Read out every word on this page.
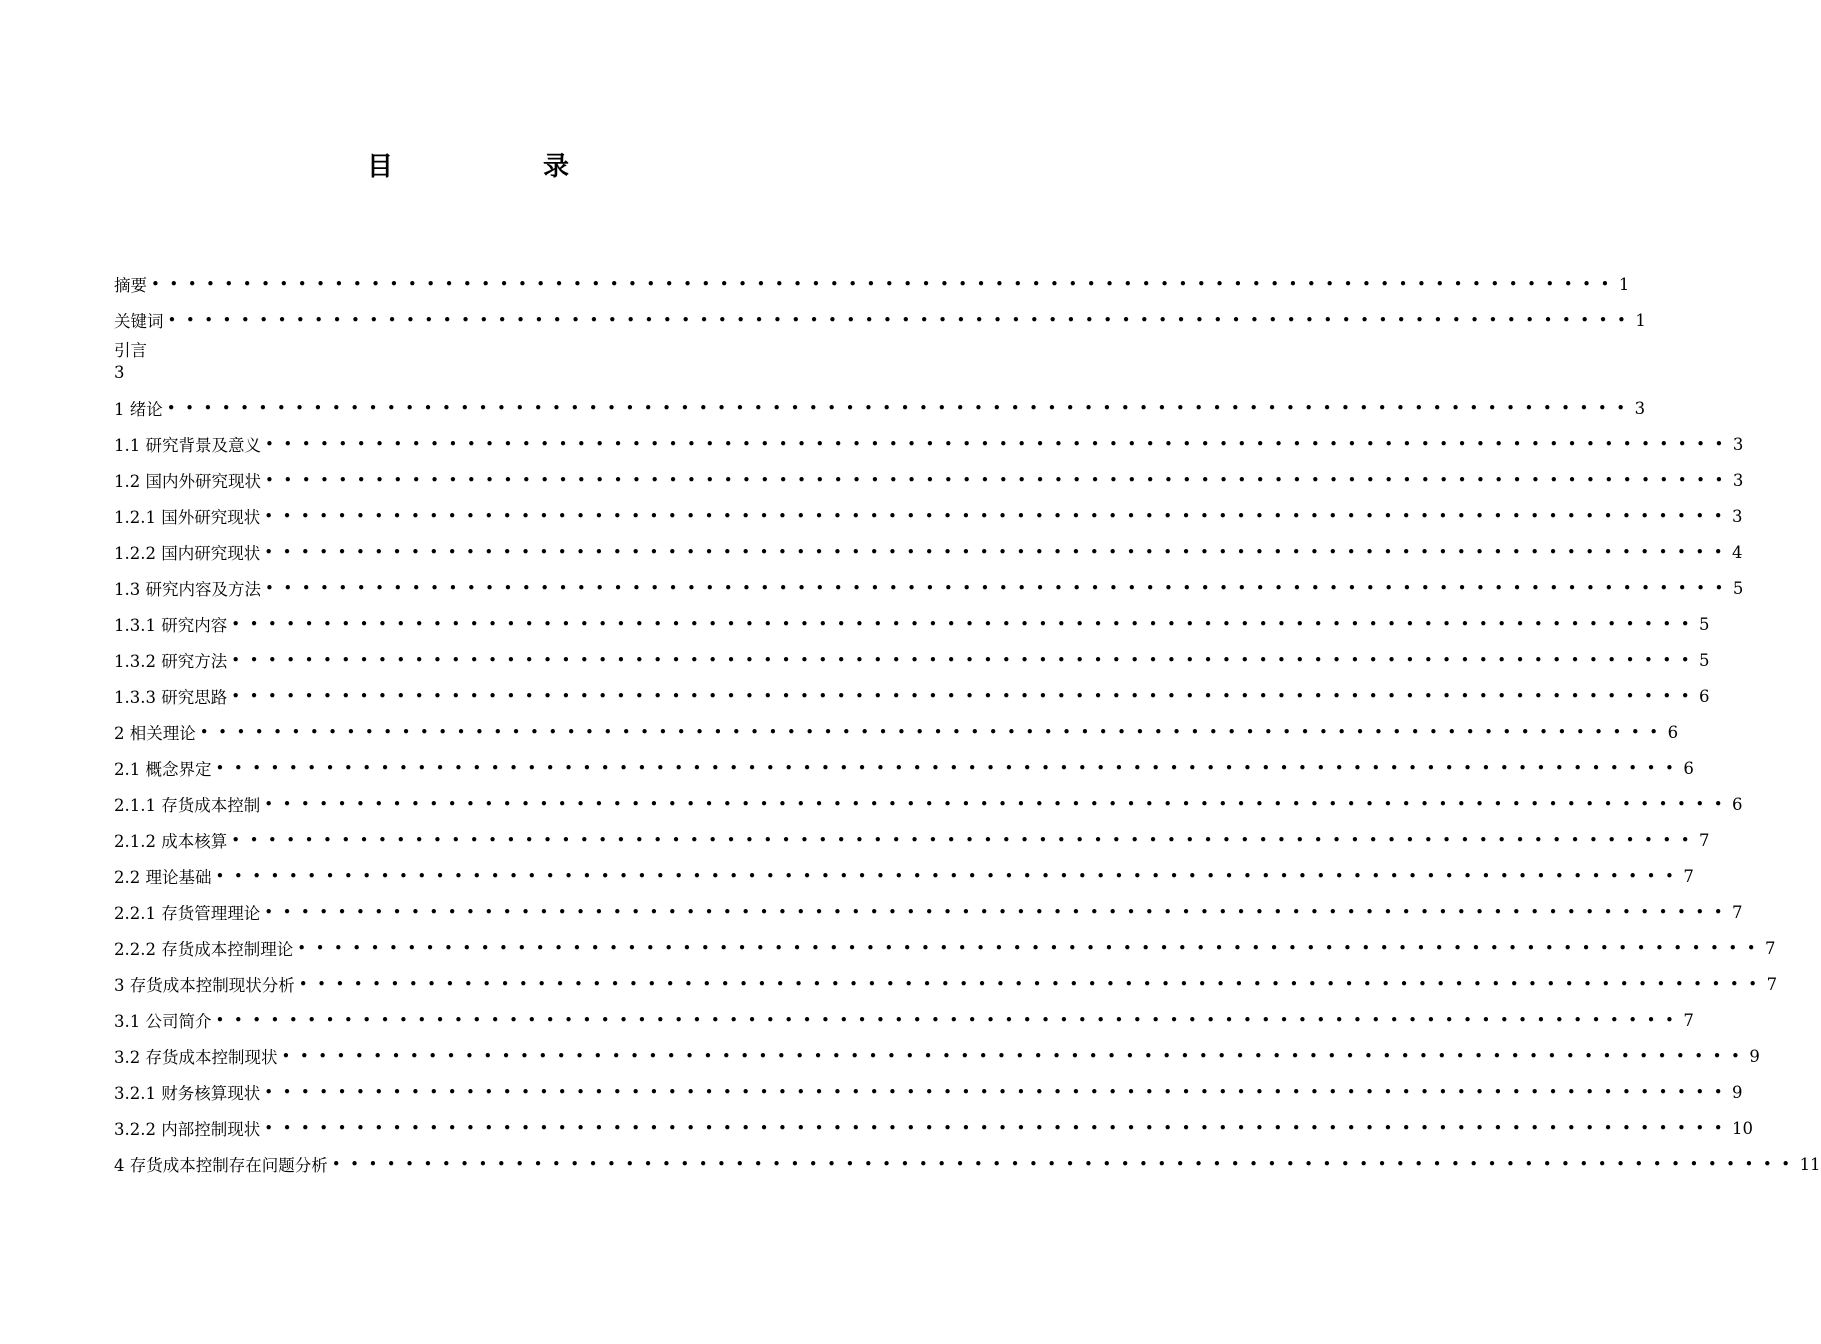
目　录
摘要 •••••••••••••••••••••••••••••••••••••••••••••••••••••••••••••••••••••••••••••••• 1
关键词 •••••••••••••••••••••••••••••••••••••••••••••••••••••••••••••••••••••••••••••••• 1
引言
3
1 绪论 •••••••••••••••••••••••••••••••••••••••••••••••••••••••••••••••••••••••••••••••• 3
1.1 研究背景及意义 •••••••••••••••••••••••••••••••••••••••••••••••••••••••••••••••••••••••••••••••• 3
1.2 国内外研究现状 •••••••••••••••••••••••••••••••••••••••••••••••••••••••••••••••••••••••••••••••• 3
1.2.1 国外研究现状 •••••••••••••••••••••••••••••••••••••••••••••••••••••••••••••••••••••••••••••••• 3
1.2.2 国内研究现状 •••••••••••••••••••••••••••••••••••••••••••••••••••••••••••••••••••••••••••••••• 4
1.3 研究内容及方法 •••••••••••••••••••••••••••••••••••••••••••••••••••••••••••••••••••••••••••••••• 5
1.3.1 研究内容 •••••••••••••••••••••••••••••••••••••••••••••••••••••••••••••••••••••••••••••••• 5
1.3.2 研究方法 •••••••••••••••••••••••••••••••••••••••••••••••••••••••••••••••••••••••••••••••• 5
1.3.3 研究思路 •••••••••••••••••••••••••••••••••••••••••••••••••••••••••••••••••••••••••••••••• 6
2 相关理论 •••••••••••••••••••••••••••••••••••••••••••••••••••••••••••••••••••••••••••••••• 6
2.1 概念界定 •••••••••••••••••••••••••••••••••••••••••••••••••••••••••••••••••••••••••••••••• 6
2.1.1 存货成本控制 •••••••••••••••••••••••••••••••••••••••••••••••••••••••••••••••••••••••••••••••• 6
2.1.2 成本核算 •••••••••••••••••••••••••••••••••••••••••••••••••••••••••••••••••••••••••••••••• 7
2.2 理论基础 •••••••••••••••••••••••••••••••••••••••••••••••••••••••••••••••••••••••••••••••• 7
2.2.1 存货管理理论 •••••••••••••••••••••••••••••••••••••••••••••••••••••••••••••••••••••••••••••••• 7
2.2.2 存货成本控制理论 •••••••••••••••••••••••••••••••••••••••••••••••••••••••••••••••••••••••••••••••• 7
3 存货成本控制现状分析 •••••••••••••••••••••••••••••••••••••••••••••••••••••••••••••••••••••••••••••••• 7
3.1 公司简介 •••••••••••••••••••••••••••••••••••••••••••••••••••••••••••••••••••••••••••••••• 7
3.2 存货成本控制现状 •••••••••••••••••••••••••••••••••••••••••••••••••••••••••••••••••••••••••••••••• 9
3.2.1 财务核算现状 •••••••••••••••••••••••••••••••••••••••••••••••••••••••••••••••••••••••••••••••• 9
3.2.2 内部控制现状 •••••••••••••••••••••••••••••••••••••••••••••••••••••••••••••••••••••••••••••••• 10
4 存货成本控制存在问题分析 •••••••••••••••••••••••••••••••••••••••••••••••••••••••••••••••••••••••••••••••• 11
